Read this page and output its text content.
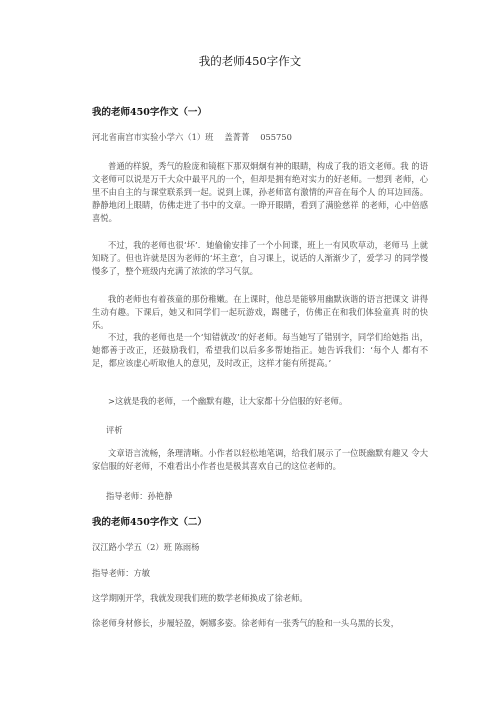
我的老师450字作文
我的老师450字作文（一）
河北省南宫市实验小学六（1）班　 盖菁菁　 055750

普通的样貌，秀气的脸庞和镜框下那双炯炯有神的眼睛，构成了我的语文老师。我 的语文老师可以说是万千大众中最平凡的一个，但却是拥有绝对实力的好老师。一想到 老师，心里不由自主的与课堂联系到一起。说到上课，孙老师富有激情的声音在每个人 的耳边回荡。静静地闭上眼睛，仿佛走进了书中的文章。一睁开眼睛，看到了满脸慈祥 的老师，心中倍感喜悦。

不过，我的老师也很‘坏’．她偷偷安排了一个小间谍，班上一有风吹草动，老师马 上就知晓了。但也许就是因为老师的‘坏主意’，自习课上，说话的人渐渐少了，爱学习 的同学慢慢多了，整个班级内充满了浓浓的学习气氛。

我的老师也有着孩童的那份稚嫩。在上课时，他总是能够用幽默诙谐的语言把课文 讲得生动有趣。下课后，她又和同学们一起玩游戏，踢毽子，仿佛正在和我们体验童真 时的快乐。

不过，我的老师也是一个‘知错就改’的好老师。每当她写了错别字，同学们给她指 出，她都善于改正，还鼓励我们，希望我们以后多多帮她指正。她告诉我们：‘每个人 都有不足，都应该虚心听取他人的意见，及时改正，这样才能有所提高。’

>这就是我的老师，一个幽默有趣，让大家都十分信服的好老师。
评析

文章语言流畅，条理清晰。小作者以轻松地笔调，给我们展示了一位既幽默有趣又 令大家信服的好老师，不难看出小作者也是极其喜欢自己的这位老师的。

指导老师：孙艳静
我的老师450字作文（二）
汉江路小学五（2）班 陈雨杨
指导老师：方敏
这学期刚开学，我就发现我们班的数学老师换成了徐老师。
徐老师身材修长，步履轻盈，婀娜多姿。徐老师有一张秀气的脸和一头乌黑的长发，
